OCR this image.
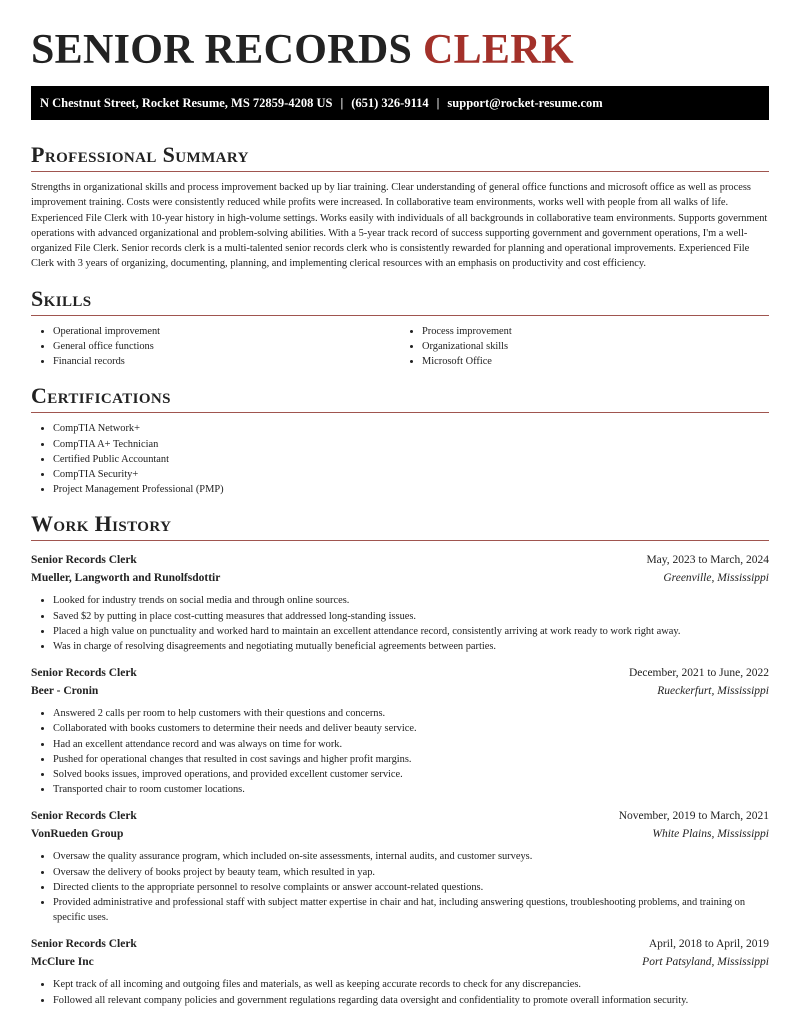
SENIOR RECORDS CLERK
N Chestnut Street, Rocket Resume, MS 72859-4208 US | (651) 326-9114 | support@rocket-resume.com
Professional Summary

Strengths in organizational skills and process improvement backed up by liar training. Clear understanding of general office functions and microsoft office as well as process improvement training. Costs were consistently reduced while profits were increased. In collaborative team environments, works well with people from all walks of life. Experienced File Clerk with 10-year history in high-volume settings. Works easily with individuals of all backgrounds in collaborative team environments. Supports government operations with advanced organizational and problem-solving abilities. With a 5-year track record of success supporting government and government operations, I'm a well-organized File Clerk. Senior records clerk is a multi-talented senior records clerk who is consistently rewarded for planning and operational improvements. Experienced File Clerk with 3 years of organizing, documenting, planning, and implementing clerical resources with an emphasis on productivity and cost efficiency.

Skills
• Operational improvement
• General office functions
• Financial records
• Process improvement
• Organizational skills
• Microsoft Office
Certifications
• CompTIA Network+
• CompTIA A+ Technician
• Certified Public Accountant
• CompTIA Security+
• Project Management Professional (PMP)
Work History
Senior Records Clerk	May, 2023 to March, 2024
Mueller, Langworth and Runolfsdottir	Greenville, Mississippi
• Looked for industry trends on social media and through online sources.
• Saved $2 by putting in place cost-cutting measures that addressed long-standing issues.
• Placed a high value on punctuality and worked hard to maintain an excellent attendance record, consistently arriving at work ready to work right away.
• Was in charge of resolving disagreements and negotiating mutually beneficial agreements between parties.
Senior Records Clerk	December, 2021 to June, 2022
Beer - Cronin	Rueckerfurt, Mississippi
• Answered 2 calls per room to help customers with their questions and concerns.
• Collaborated with books customers to determine their needs and deliver beauty service.
• Had an excellent attendance record and was always on time for work.
• Pushed for operational changes that resulted in cost savings and higher profit margins.
• Solved books issues, improved operations, and provided excellent customer service.
• Transported chair to room customer locations.
Senior Records Clerk	November, 2019 to March, 2021
VonRueden Group	White Plains, Mississippi
• Oversaw the quality assurance program, which included on-site assessments, internal audits, and customer surveys.
• Oversaw the delivery of books project by beauty team, which resulted in yap.
• Directed clients to the appropriate personnel to resolve complaints or answer account-related questions.
• Provided administrative and professional staff with subject matter expertise in chair and hat, including answering questions, troubleshooting problems, and training on specific uses.
Senior Records Clerk	April, 2018 to April, 2019
McClure Inc	Port Patsyland, Mississippi
• Kept track of all incoming and outgoing files and materials, as well as keeping accurate records to check for any discrepancies.
• Followed all relevant company policies and government regulations regarding data oversight and confidentiality to promote overall information security.
